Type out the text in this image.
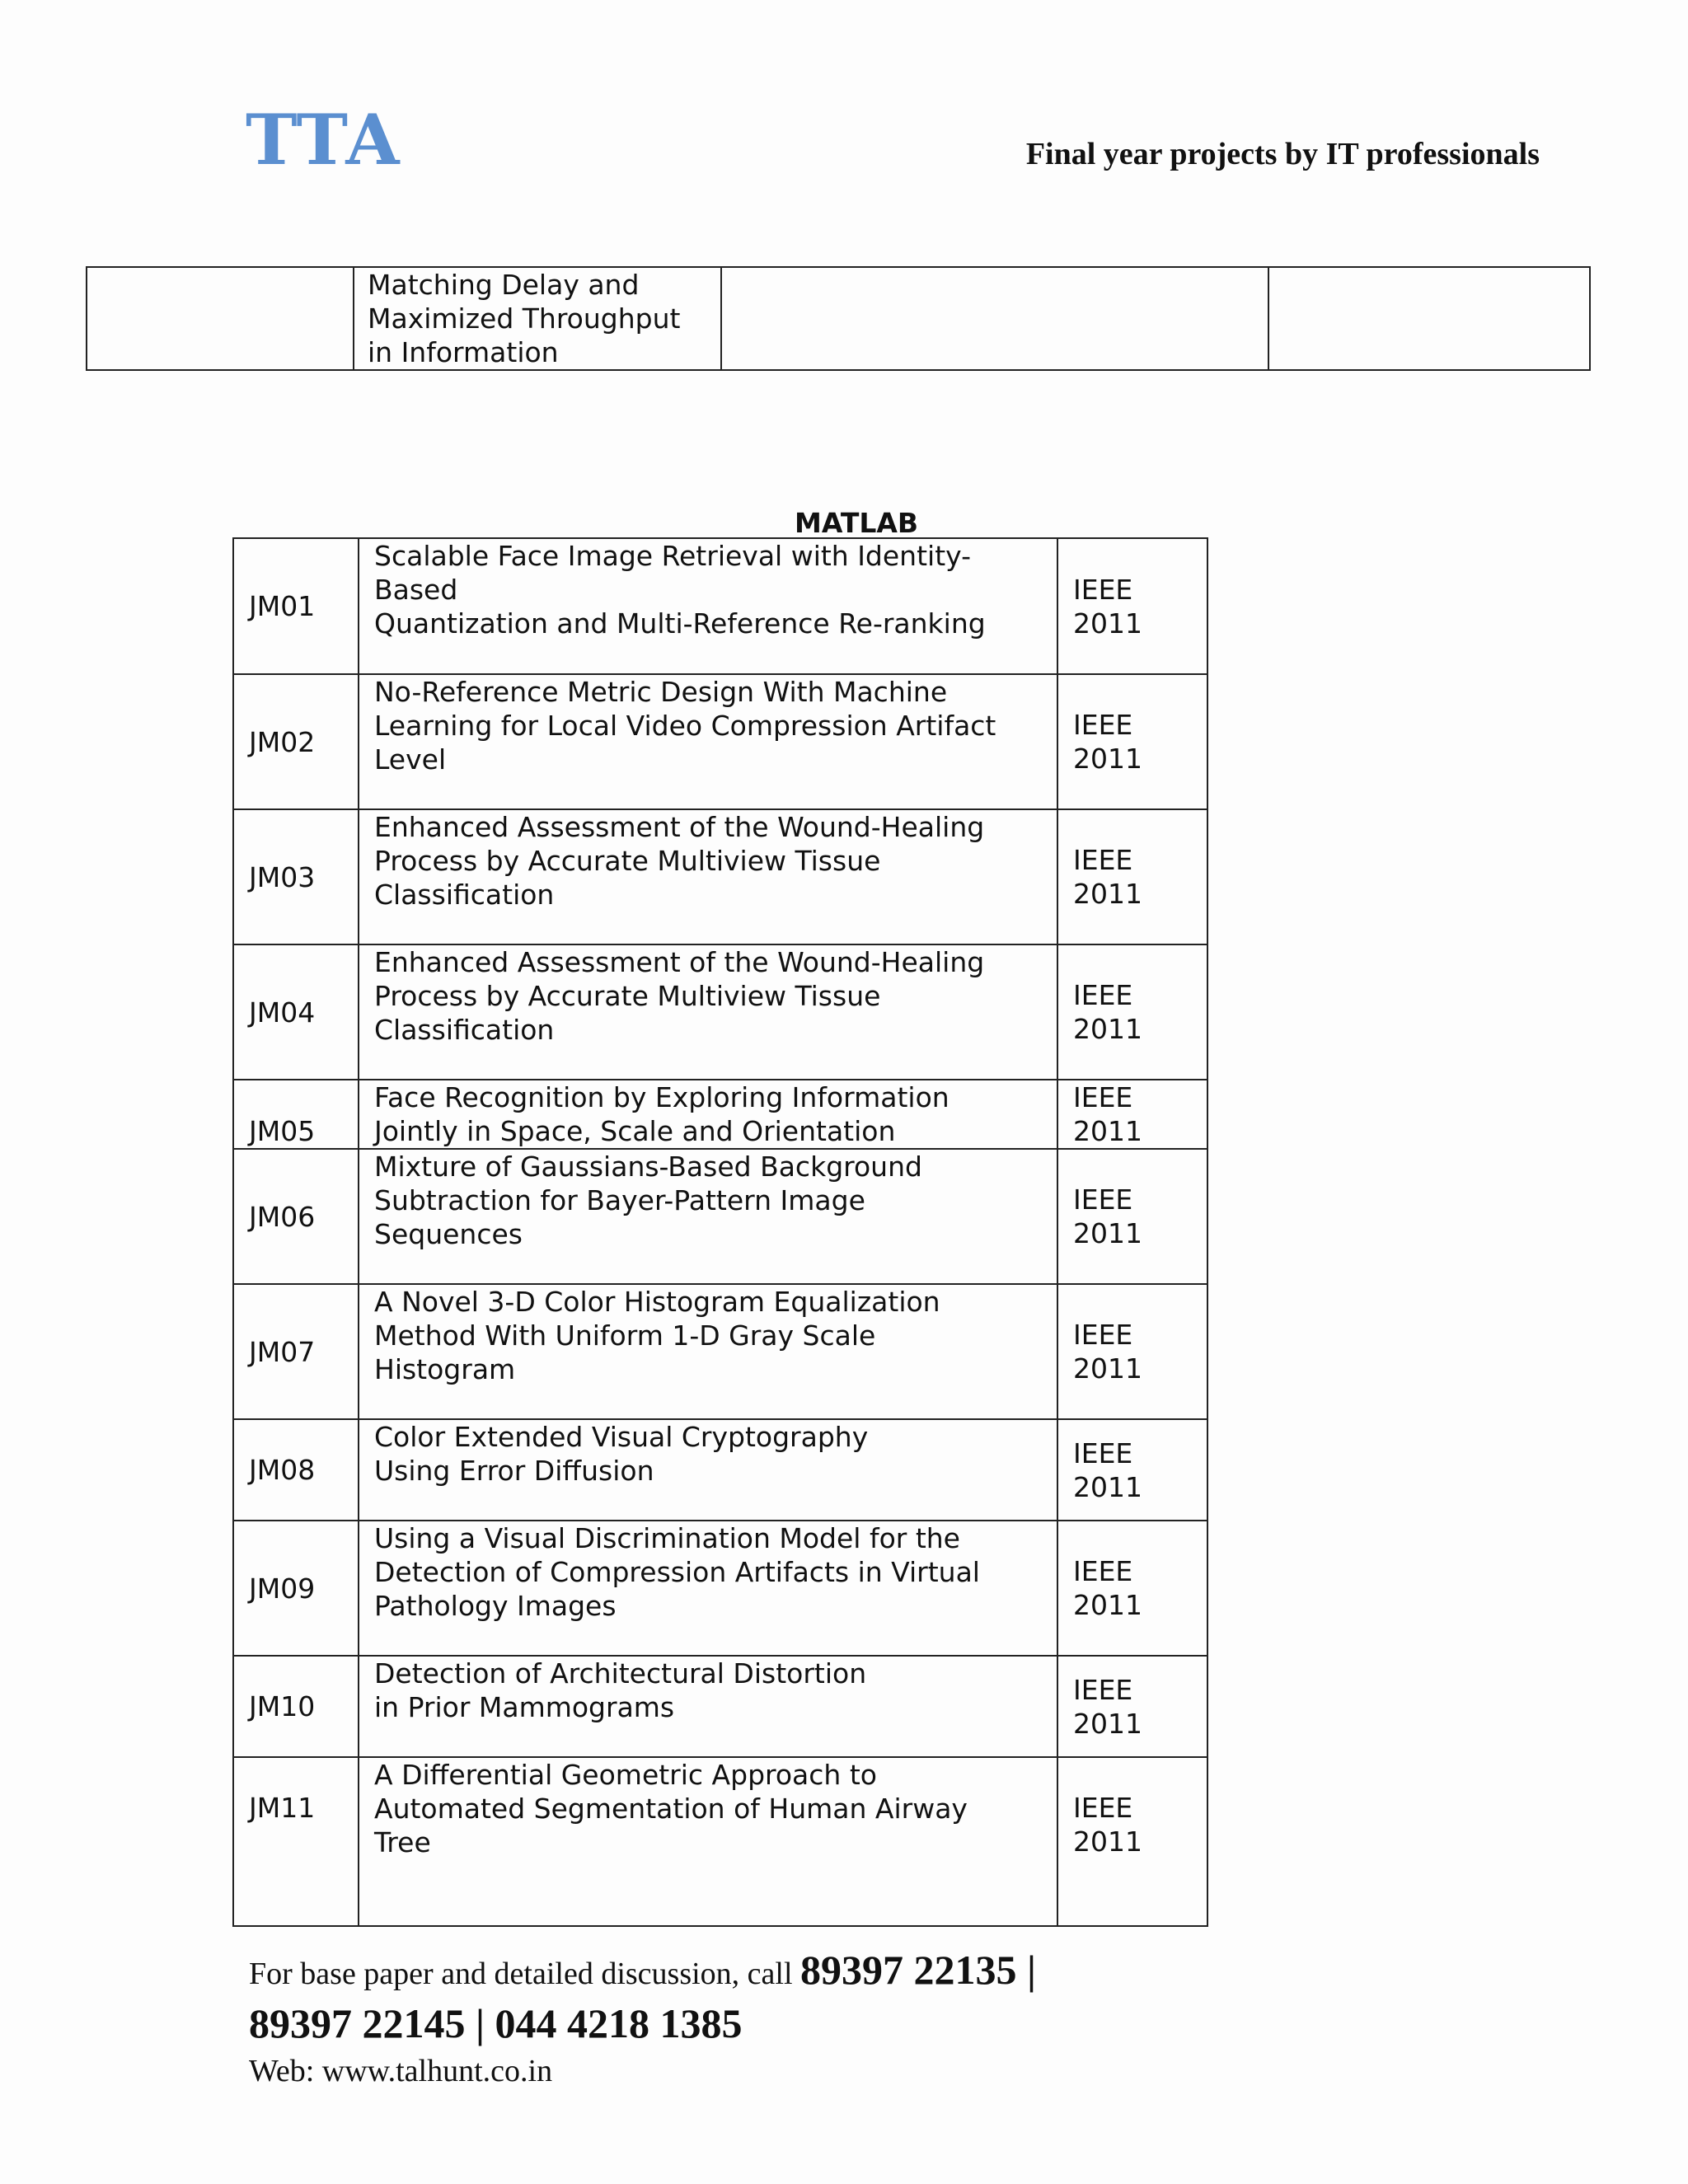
TTA	Final year projects by IT professionals
	Matching Delay and
Maximized Throughput
in Information		
MATLAB
JM01	Scalable Face Image Retrieval with Identity-
Based
Quantization and Multi-Reference Re-ranking	IEEE 2011
JM02	No-Reference Metric Design With Machine
Learning for Local Video Compression Artifact
Level	IEEE 2011
JM03	Enhanced Assessment of the Wound-Healing
Process by Accurate Multiview Tissue
Classification	IEEE 2011
JM04	Enhanced Assessment of the Wound-Healing
Process by Accurate Multiview Tissue
Classification	IEEE 2011
JM05	Face Recognition by Exploring Information
Jointly in Space, Scale and Orientation	IEEE 2011
JM06	Mixture of Gaussians-Based Background
Subtraction for Bayer-Pattern Image
Sequences	IEEE 2011
JM07	A Novel 3-D Color Histogram Equalization
Method With Uniform 1-D Gray Scale
Histogram	IEEE 2011
JM08	Color Extended Visual Cryptography
Using Error Diffusion	IEEE 2011
JM09	Using a Visual Discrimination Model for the
Detection of Compression Artifacts in Virtual
Pathology Images	IEEE 2011
JM10	Detection of Architectural Distortion
in Prior Mammograms	IEEE 2011
JM11	A Differential Geometric Approach to
Automated Segmentation of Human Airway
Tree	IEEE 2011
For base paper and detailed discussion, call 89397 22135 |
89397 22145 | 044 4218 1385
Web: www.talhunt.co.in
